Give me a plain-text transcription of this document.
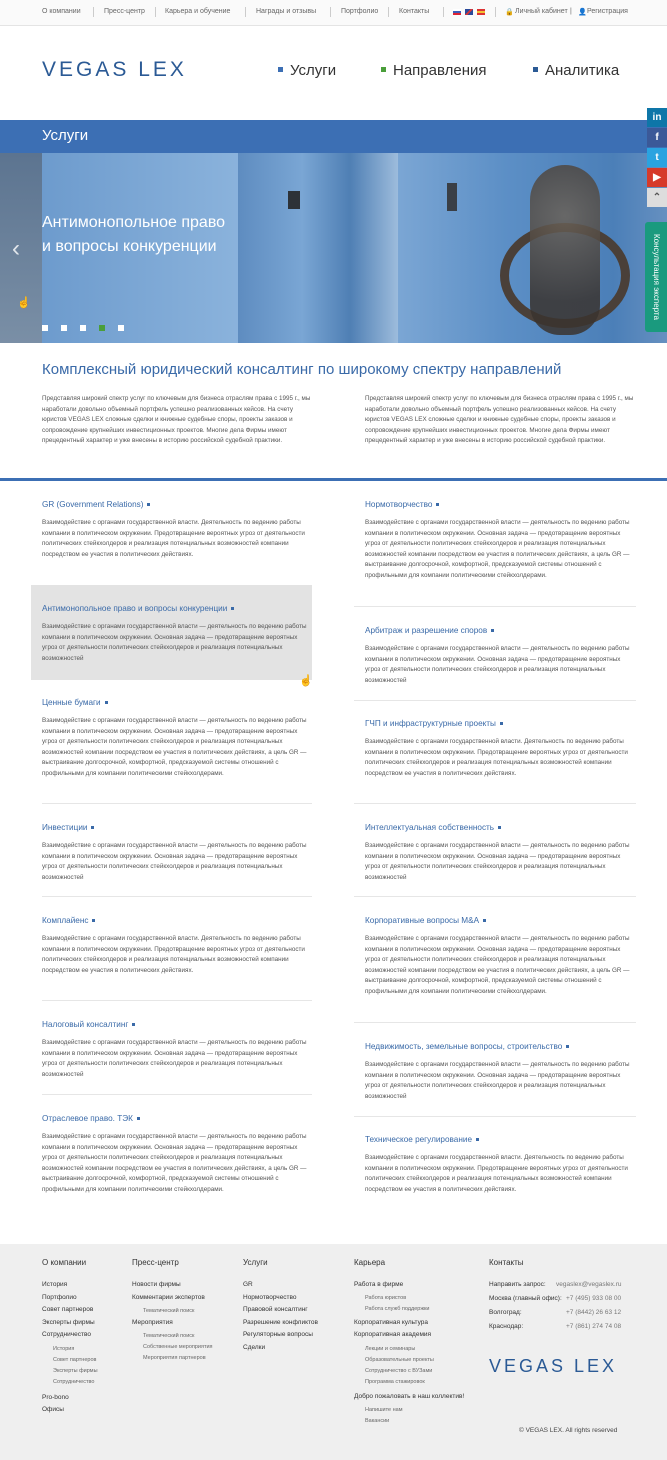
О компании	Пресс-центр	Карьера и обучение	Награды и отзывы	Портфолио	Контакты	🔒 Личный кабинет | 👤 Регистрация
VEGAS LEX	Услуги	Направления	Аналитика
Услуги
‹
Антимонопольное право
и вопросы конкуренции
☝
in
f
t
▶
⌃
Консультация эксперта
Комплексный юридический консалтинг по широкому спектру направлений
Представляя широкий спектр услуг по ключевым для бизнеса отраслям права с 1995 г., мы наработали довольно объемный портфель успешно реализованных кейсов. На счету юристов VEGAS LEX сложные сделки и книжные судебные споры, проекты заказов и сопровождение крупнейших инвестиционных проектов. Многие дела Фирмы имеют прецедентный характер и уже внесены в историю российской судебной практики.
Представляя широкий спектр услуг по ключевым для бизнеса отраслям права с 1995 г., мы наработали довольно объемный портфель успешно реализованных кейсов. На счету юристов VEGAS LEX сложные сделки и книжные судебные споры, проекты заказов и сопровождение крупнейших инвестиционных проектов. Многие дела Фирмы имеют прецедентный характер и уже внесены в историю российской судебной практики.
GR (Government Relations)
Взаимодействие с органами государственной власти. Деятельность по ведению работы компании в политическом окружении. Предотвращение вероятных угроз от деятельности политических стейкхолдеров и реализация потенциальных возможностей компании посредством ее участия в политических действиях.
Антимонопольное право и вопросы конкуренции
Взаимодействие с органами государственной власти — деятельность по ведению работы компании в политическом окружении. Основная задача — предотвращение вероятных угроз от деятельности политических стейкхолдеров и реализация потенциальных возможностей
☝
Ценные бумаги
Взаимодействие с органами государственной власти — деятельность по ведению работы компании в политическом окружении. Основная задача — предотвращение вероятных угроз от деятельности политических стейкхолдеров и реализация потенциальных возможностей компании посредством ее участия в политических действиях, а цель GR — выстраивание долгосрочной, комфортной, предсказуемой системы отношений с профильными для компании политическими стейкхолдерами.
Инвестиции
Взаимодействие с органами государственной власти — деятельность по ведению работы компании в политическом окружении. Основная задача — предотвращение вероятных угроз от деятельности политических стейкхолдеров и реализация потенциальных возможностей
Комплайенс
Взаимодействие с органами государственной власти. Деятельность по ведению работы компании в политическом окружении. Предотвращение вероятных угроз от деятельности политических стейкхолдеров и реализация потенциальных возможностей компании посредством ее участия в политических действиях.
Налоговый консалтинг
Взаимодействие с органами государственной власти — деятельность по ведению работы компании в политическом окружении. Основная задача — предотвращение вероятных угроз от деятельности политических стейкхолдеров и реализация потенциальных возможностей
Отраслевое право. ТЭК
Взаимодействие с органами государственной власти — деятельность по ведению работы компании в политическом окружении. Основная задача — предотвращение вероятных угроз от деятельности политических стейкхолдеров и реализация потенциальных возможностей компании посредством ее участия в политических действиях, а цель GR — выстраивание долгосрочной, комфортной, предсказуемой системы отношений с профильными для компании политическими стейкхолдерами.
Нормотворчество
Взаимодействие с органами государственной власти — деятельность по ведению работы компании в политическом окружении. Основная задача — предотвращение вероятных угроз от деятельности политических стейкхолдеров и реализация потенциальных возможностей компании посредством ее участия в политических действиях, а цель GR — выстраивание долгосрочной, комфортной, предсказуемой системы отношений с профильными для компании политическими стейкхолдерами.
Арбитраж и разрешение споров
Взаимодействие с органами государственной власти — деятельность по ведению работы компании в политическом окружении. Основная задача — предотвращение вероятных угроз от деятельности политических стейкхолдеров и реализация потенциальных возможностей
ГЧП и инфраструктурные проекты
Взаимодействие с органами государственной власти. Деятельность по ведению работы компании в политическом окружении. Предотвращение вероятных угроз от деятельности политических стейкхолдеров и реализация потенциальных возможностей компании посредством ее участия в политических действиях.
Интеллектуальная собственность
Взаимодействие с органами государственной власти — деятельность по ведению работы компании в политическом окружении. Основная задача — предотвращение вероятных угроз от деятельности политических стейкхолдеров и реализация потенциальных возможностей
Корпоративные вопросы M&A
Взаимодействие с органами государственной власти — деятельность по ведению работы компании в политическом окружении. Основная задача — предотвращение вероятных угроз от деятельности политических стейкхолдеров и реализация потенциальных возможностей компании посредством ее участия в политических действиях, а цель GR — выстраивание долгосрочной, комфортной, предсказуемой системы отношений с профильными для компании политическими стейкхолдерами.
Недвижимость, земельные вопросы, строительство
Взаимодействие с органами государственной власти — деятельность по ведению работы компании в политическом окружении. Основная задача — предотвращение вероятных угроз от деятельности политических стейкхолдеров и реализация потенциальных возможностей
Техническое регулирование
Взаимодействие с органами государственной власти. Деятельность по ведению работы компании в политическом окружении. Предотвращение вероятных угроз от деятельности политических стейкхолдеров и реализация потенциальных возможностей компании посредством ее участия в политических действиях.
О компании
История
Портфолио
Совет партнеров
Эксперты фирмы
Сотрудничество
История
Совет партнеров
Эксперты фирмы
Сотрудничество
Pro-bono
Офисы
Пресс-центр
Новости фирмы
Комментарии экспертов
Тематический поиск
Мероприятия
Тематический поиск
Собственные мероприятия
Мероприятия партнеров
Услуги
GR
Нормотворчество
Правовой консалтинг
Разрешение конфликтов
Регуляторные вопросы
Сделки
Карьера
Работа в фирме
Работа юристов
Работа служб поддержки
Корпоративная культура
Корпоративная академия
Лекции и семинары
Образовательные проекты
Сотрудничество с ВУЗами
Программа стажировок
Добро пожаловать в наш коллектив!
Напишите нам
Вакансии
Контакты
Направить запрос: vegaslex@vegaslex.ru
Москва (главный офис): +7 (495) 933 08 00
Волгоград:	+7 (8442) 26 63 12
Краснодар:	+7 (861) 274 74 08
VEGAS LEX
© VEGAS LEX. All rights reserved
